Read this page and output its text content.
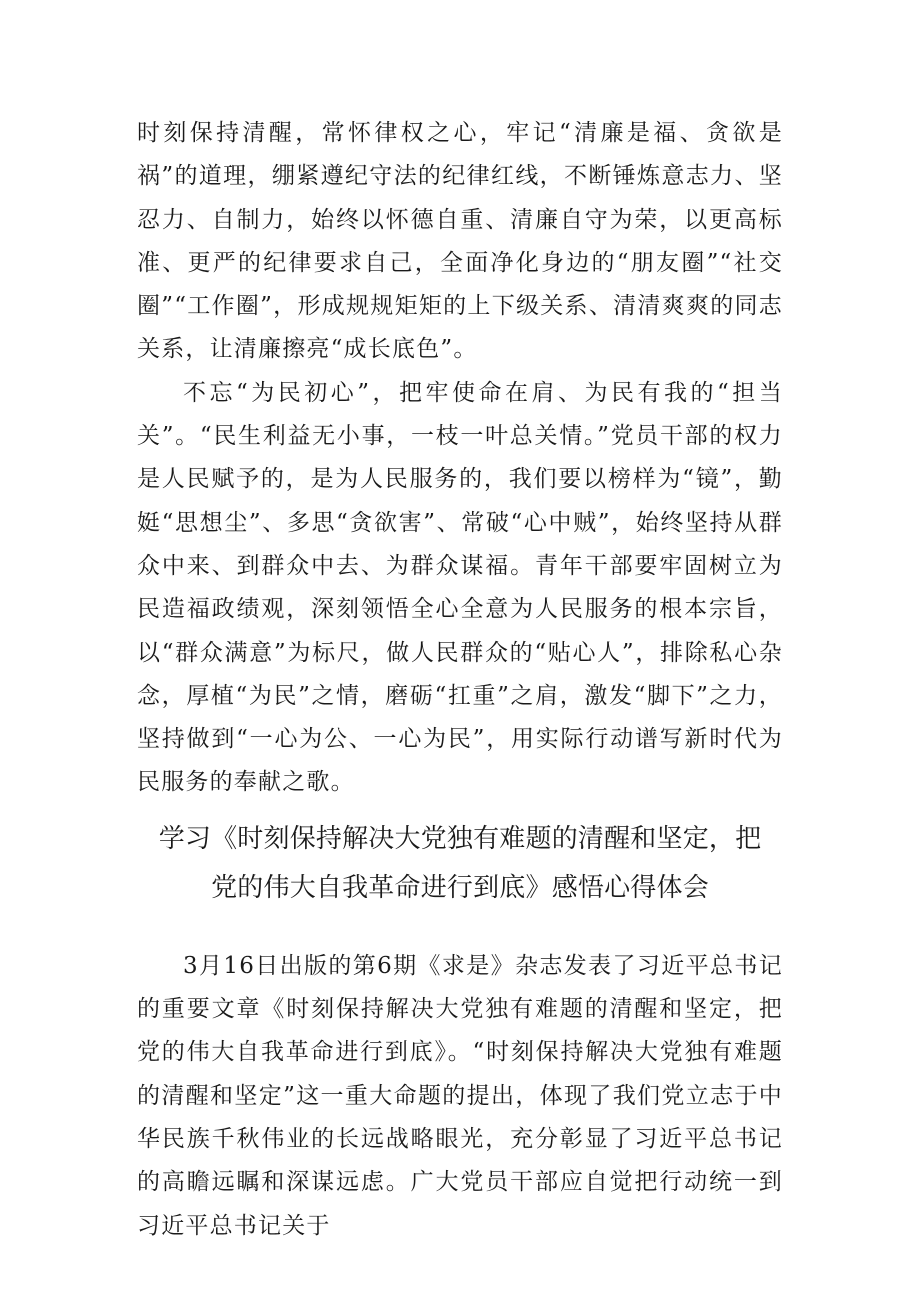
时刻保持清醒，常怀律权之心，牢记“清廉是福、贪欲是祸”的道理，绷紧遵纪守法的纪律红线，不断锤炼意志力、坚忍力、自制力，始终以怀德自重、清廉自守为荣，以更高标准、更严的纪律要求自己，全面净化身边的“朋友圈”“社交圈”“工作圈”，形成规规矩矩的上下级关系、清清爽爽的同志关系，让清廉擦亮“成长底色”。

不忘“为民初心”，把牢使命在肩、为民有我的“担当关”。“民生利益无小事，一枝一叶总关情。”党员干部的权力是人民赋予的，是为人民服务的，我们要以榜样为“镜”，勤娗“思想尘”、多思“贪欲害”、常破“心中贼”，始终坚持从群众中来、到群众中去、为群众谋福。青年干部要牢固树立为民造福政绩观，深刻领悟全心全意为人民服务的根本宗旨，以“群众满意”为标尺，做人民群众的“贴心人”，排除私心杂念，厚植“为民”之情，磨砺“扛重”之肩，激发“脚下”之力，坚持做到“一心为公、一心为民”，用实际行动谱写新时代为民服务的奉献之歌。

学习《时刻保持解决大党独有难题的清醒和坚定，把
党的伟大自我革命进行到底》感悟心得体会

3月16日出版的第6期《求是》杂志发表了习近平总书记的重要文章《时刻保持解决大党独有难题的清醒和坚定，把党的伟大自我革命进行到底》。“时刻保持解决大党独有难题的清醒和坚定”这一重大命题的提出，体现了我们党立志于中华民族千秋伟业的长远战略眼光，充分彰显了习近平总书记的高瞻远瞩和深谋远虑。广大党员干部应自觉把行动统一到习近平总书记关于
